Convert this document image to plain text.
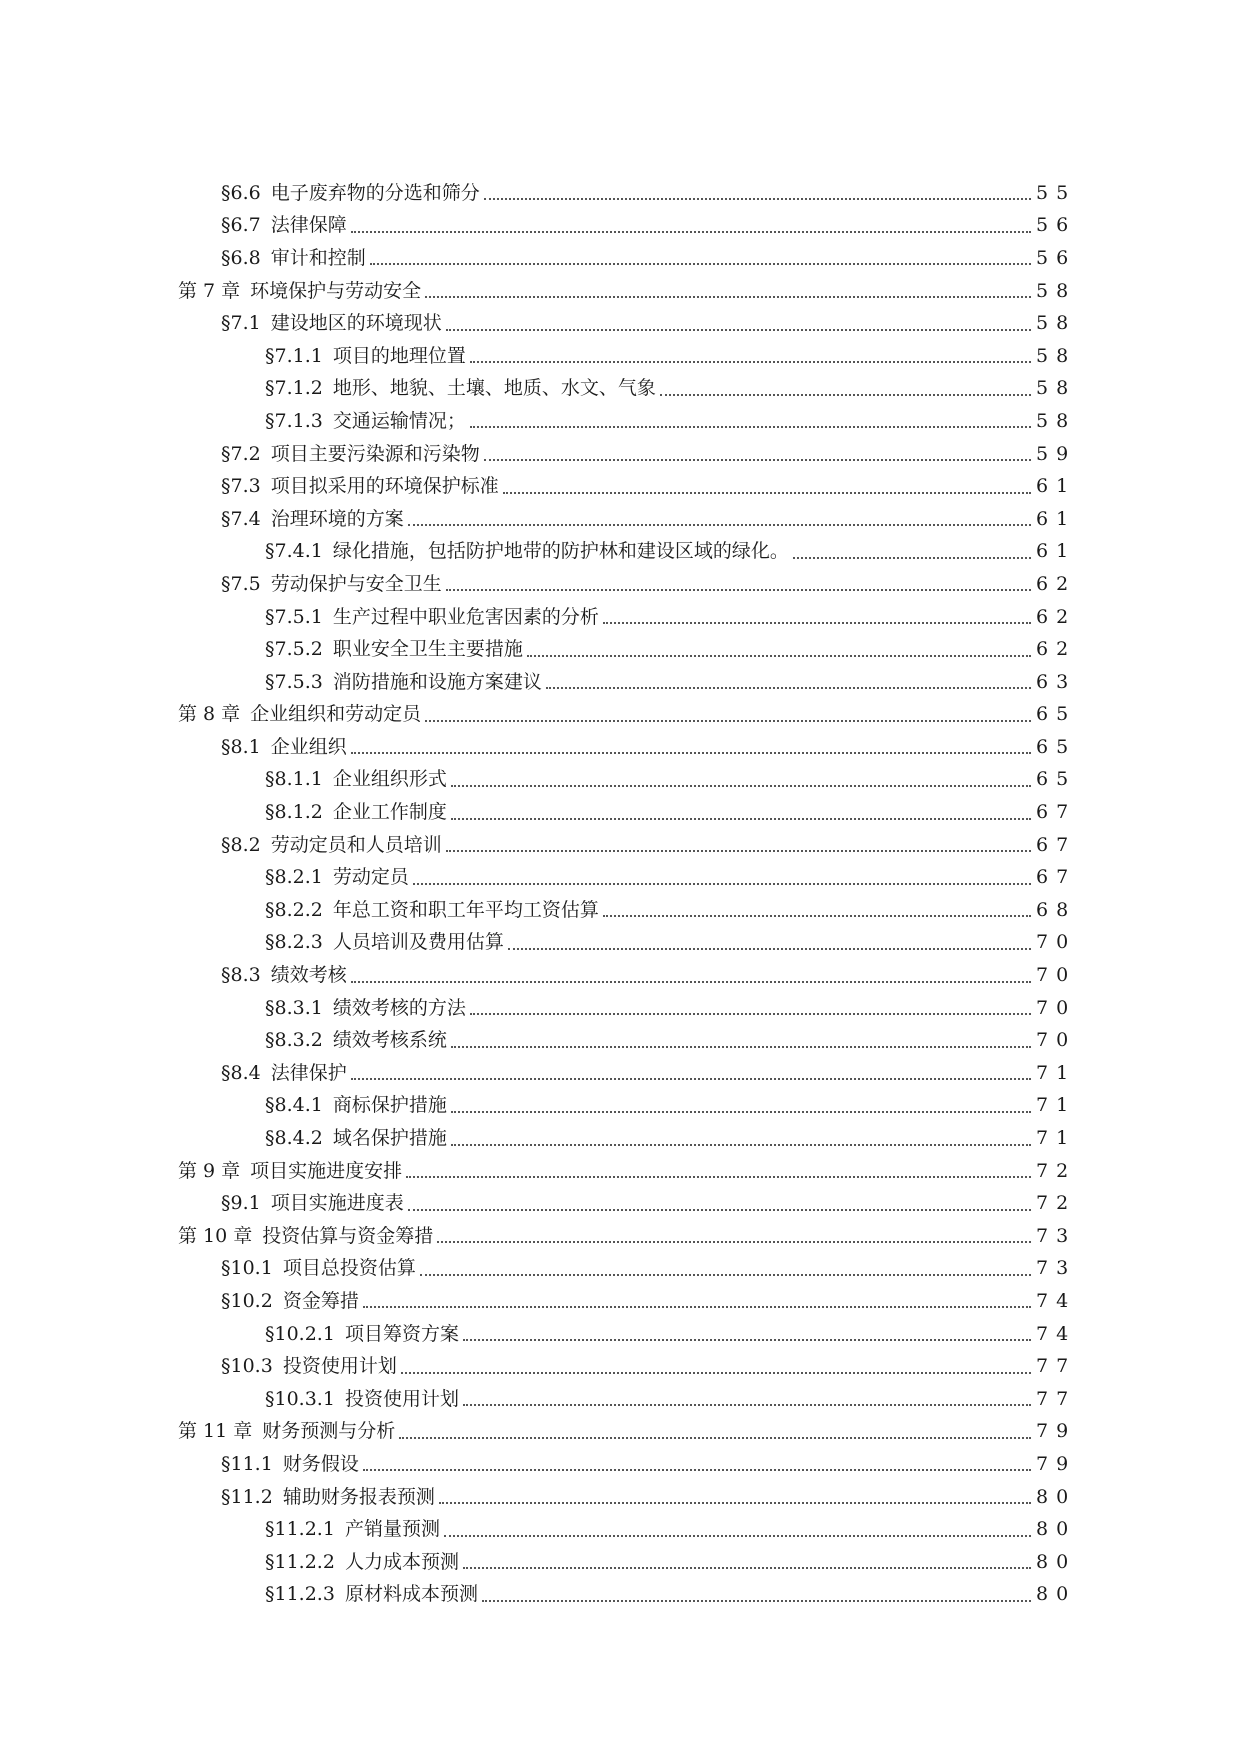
§6.6 电子废弃物的分选和筛分	55
§6.7 法律保障	56
§6.8 审计和控制	56
第 7 章 环境保护与劳动安全	58
§7.1 建设地区的环境现状	58
§7.1.1 项目的地理位置	58
§7.1.2 地形、地貌、土壤、地质、水文、气象	58
§7.1.3 交通运输情况；	58
§7.2 项目主要污染源和污染物	59
§7.3 项目拟采用的环境保护标准	61
§7.4 治理环境的方案	61
§7.4.1 绿化措施，包括防护地带的防护林和建设区域的绿化。	61
§7.5 劳动保护与安全卫生	62
§7.5.1 生产过程中职业危害因素的分析	62
§7.5.2 职业安全卫生主要措施	62
§7.5.3 消防措施和设施方案建议	63
第 8 章 企业组织和劳动定员	65
§8.1 企业组织	65
§8.1.1 企业组织形式	65
§8.1.2 企业工作制度	67
§8.2 劳动定员和人员培训	67
§8.2.1 劳动定员	67
§8.2.2 年总工资和职工年平均工资估算	68
§8.2.3 人员培训及费用估算	70
§8.3 绩效考核	70
§8.3.1 绩效考核的方法	70
§8.3.2 绩效考核系统	70
§8.4 法律保护	71
§8.4.1 商标保护措施	71
§8.4.2 域名保护措施	71
第 9 章 项目实施进度安排	72
§9.1 项目实施进度表	72
第 10 章 投资估算与资金筹措	73
§10.1 项目总投资估算	73
§10.2 资金筹措	74
§10.2.1 项目筹资方案	74
§10.3 投资使用计划	77
§10.3.1 投资使用计划	77
第 11 章 财务预测与分析	79
§11.1 财务假设	79
§11.2 辅助财务报表预测	80
§11.2.1 产销量预测	80
§11.2.2 人力成本预测	80
§11.2.3 原材料成本预测	80
